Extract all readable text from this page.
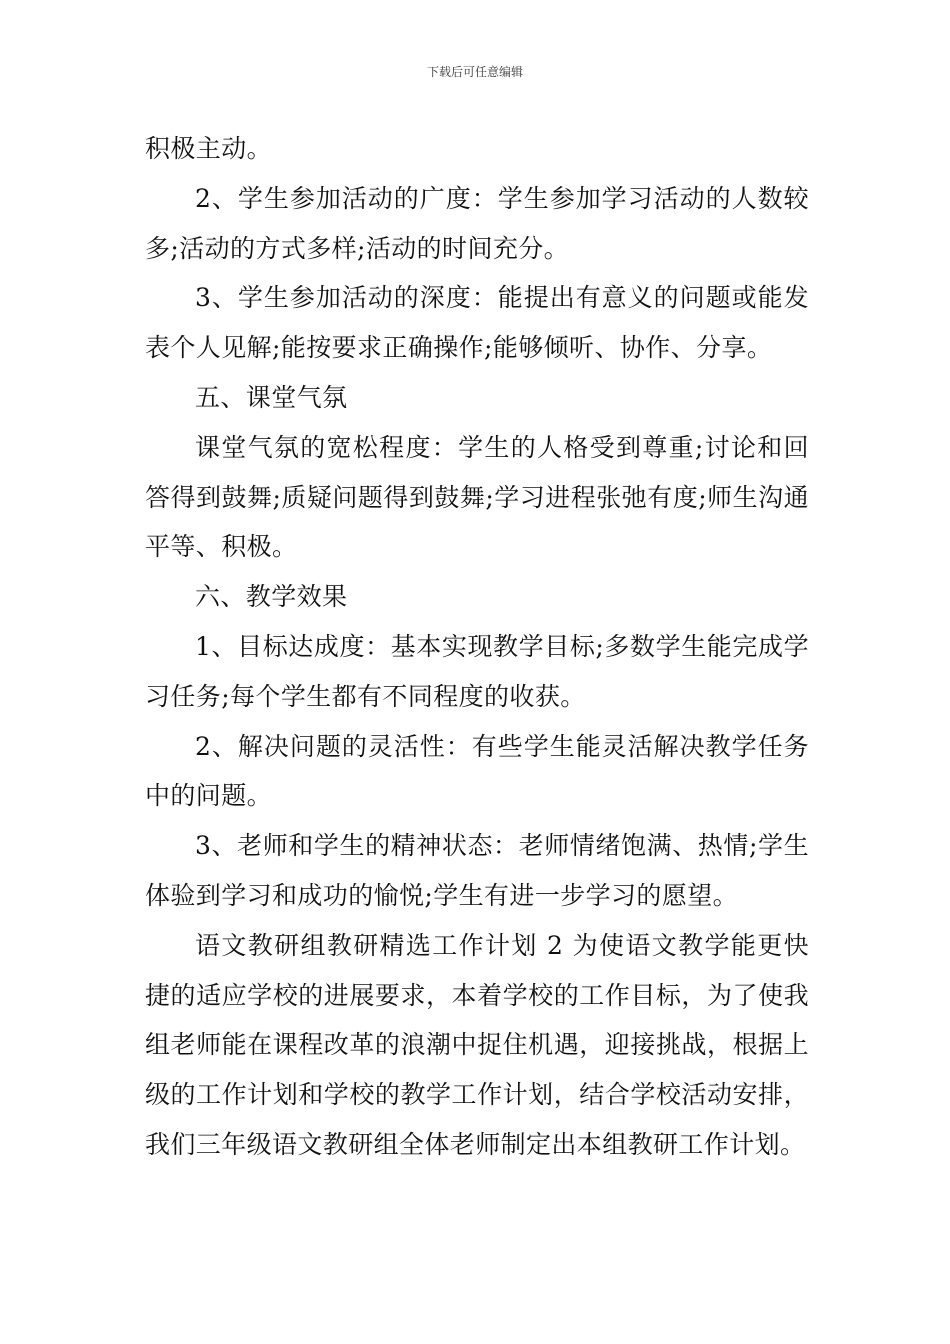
下载后可任意编辑

积极主动。

2、学生参加活动的广度：学生参加学习活动的人数较多;活动的方式多样;活动的时间充分。

3、学生参加活动的深度：能提出有意义的问题或能发表个人见解;能按要求正确操作;能够倾听、协作、分享。

五、课堂气氛

课堂气氛的宽松程度：学生的人格受到尊重;讨论和回答得到鼓舞;质疑问题得到鼓舞;学习进程张弛有度;师生沟通平等、积极。

六、教学效果

1、目标达成度：基本实现教学目标;多数学生能完成学习任务;每个学生都有不同程度的收获。

2、解决问题的灵活性：有些学生能灵活解决教学任务中的问题。

3、老师和学生的精神状态：老师情绪饱满、热情;学生体验到学习和成功的愉悦;学生有进一步学习的愿望。

语文教研组教研精选工作计划 2 为使语文教学能更快捷的适应学校的进展要求，本着学校的工作目标，为了使我组老师能在课程改革的浪潮中捉住机遇，迎接挑战，根据上级的工作计划和学校的教学工作计划，结合学校活动安排，我们三年级语文教研组全体老师制定出本组教研工作计划。
